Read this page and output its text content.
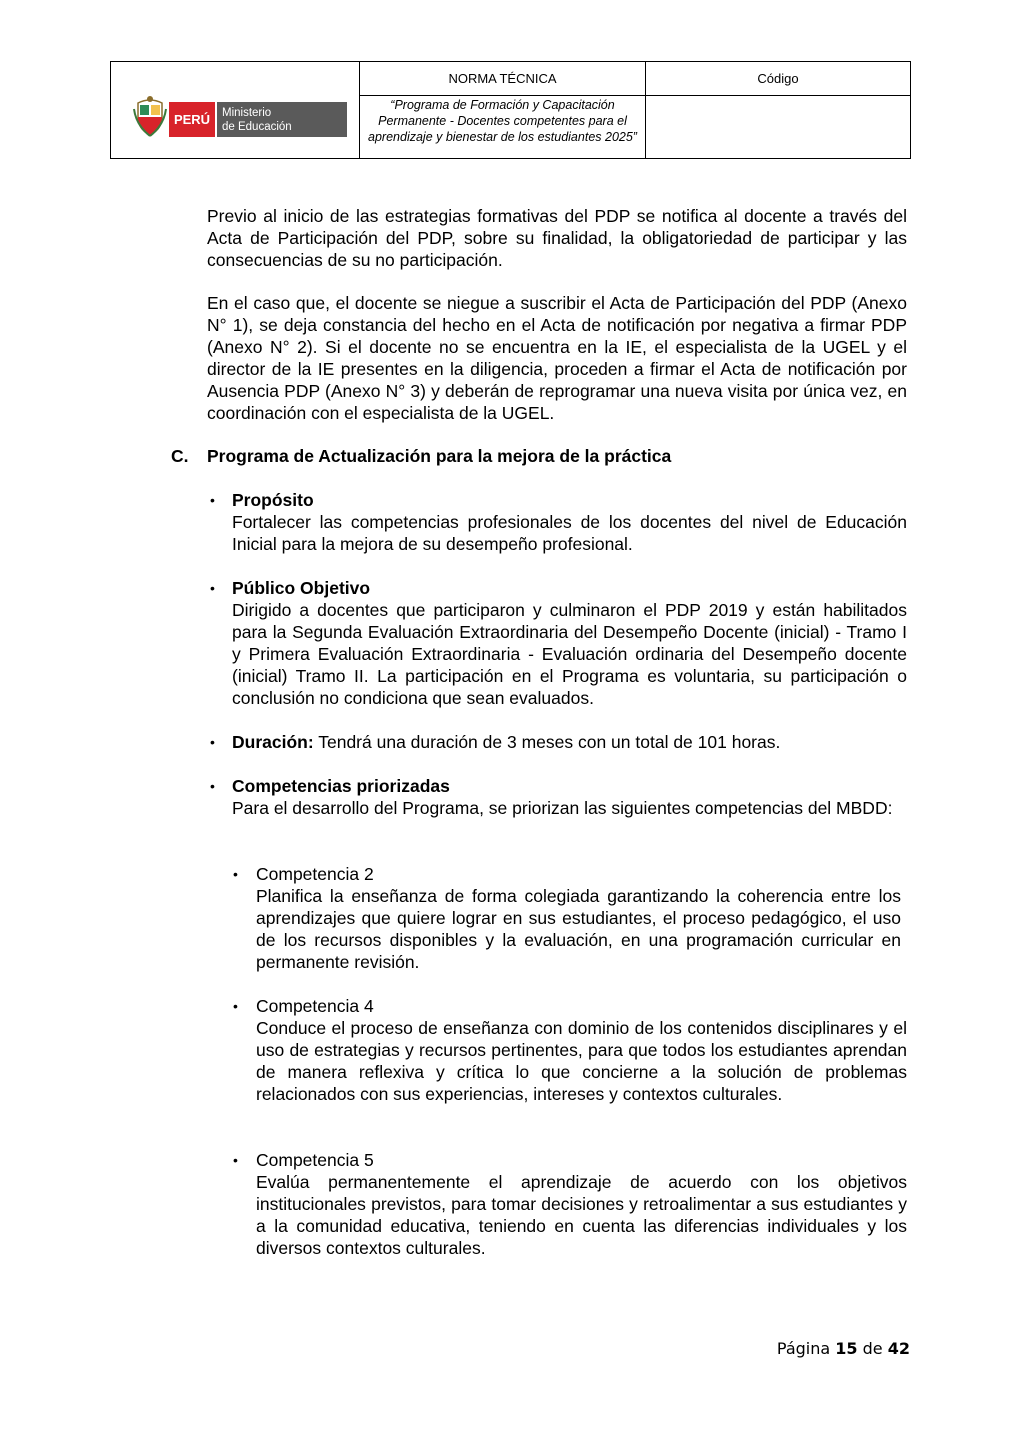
PERÚ	Ministerio
de Educación
NORMA TÉCNICA	Código
“Programa de Formación y Capacitación Permanente - Docentes competentes para el aprendizaje y bienestar de los estudiantes 2025”
Previo al inicio de las estrategias formativas del PDP se notifica al docente a través del Acta de Participación del PDP, sobre su finalidad, la obligatoriedad de participar y las consecuencias de su no participación.
En el caso que, el docente se niegue a suscribir el Acta de Participación del PDP (Anexo N° 1), se deja constancia del hecho en el Acta de notificación por negativa a firmar PDP (Anexo N° 2). Si el docente no se encuentra en la IE, el especialista de la UGEL y el director de la IE presentes en la diligencia, proceden a firmar el Acta de notificación por Ausencia PDP (Anexo N° 3) y deberán de reprogramar una nueva visita por única vez, en coordinación con el especialista de la UGEL.
C. Programa de Actualización para la mejora de la práctica
• Propósito
Fortalecer las competencias profesionales de los docentes del nivel de Educación Inicial para la mejora de su desempeño profesional.
• Público Objetivo
Dirigido a docentes que participaron y culminaron el PDP 2019 y están habilitados para la Segunda Evaluación Extraordinaria del Desempeño Docente (inicial) - Tramo I y Primera Evaluación Extraordinaria - Evaluación ordinaria del Desempeño docente (inicial) Tramo II. La participación en el Programa es voluntaria, su participación o conclusión no condiciona que sean evaluados.
• Duración: Tendrá una duración de 3 meses con un total de 101 horas.
• Competencias priorizadas
Para el desarrollo del Programa, se priorizan las siguientes competencias del MBDD:
• Competencia 2
Planifica la enseñanza de forma colegiada garantizando la coherencia entre los aprendizajes que quiere lograr en sus estudiantes, el proceso pedagógico, el uso de los recursos disponibles y la evaluación, en una programación curricular en permanente revisión.
• Competencia 4
Conduce el proceso de enseñanza con dominio de los contenidos disciplinares y el uso de estrategias y recursos pertinentes, para que todos los estudiantes aprendan de manera reflexiva y crítica lo que concierne a la solución de problemas relacionados con sus experiencias, intereses y contextos culturales.
• Competencia 5
Evalúa permanentemente el aprendizaje de acuerdo con los objetivos institucionales previstos, para tomar decisiones y retroalimentar a sus estudiantes y a la comunidad educativa, teniendo en cuenta las diferencias individuales y los diversos contextos culturales.
Página 15 de 42
